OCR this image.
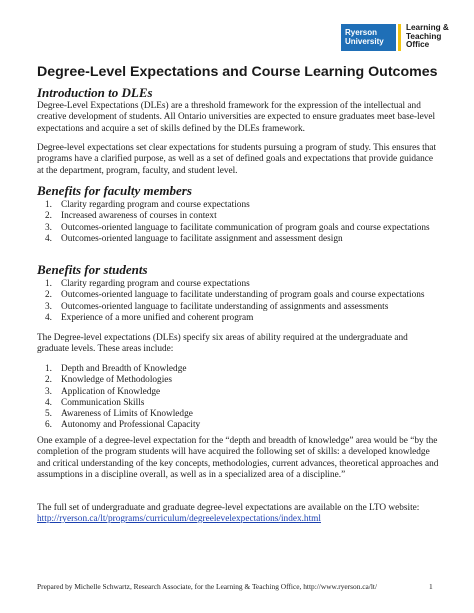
Ryerson
University
Learning &
Teaching
Office
Degree-Level Expectations and Course Learning Outcomes
Introduction to DLEs

Degree-Level Expectations (DLEs) are a threshold framework for the expression of the intellectual and creative development of students. All Ontario universities are expected to ensure graduates meet base-level expectations and acquire a set of skills defined by the DLEs framework.

Degree-level expectations set clear expectations for students pursuing a program of study. This ensures that programs have a clarified purpose, as well as a set of defined goals and expectations that provide guidance at the department, program, faculty, and student level.

Benefits for faculty members
1. Clarity regarding program and course expectations
2. Increased awareness of courses in context
3. Outcomes-oriented language to facilitate communication of program goals and course expectations
4. Outcomes-oriented language to facilitate assignment and assessment design
Benefits for students
1. Clarity regarding program and course expectations
2. Outcomes-oriented language to facilitate understanding of program goals and course expectations
3. Outcomes-oriented language to facilitate understanding of assignments and assessments
4. Experience of a more unified and coherent program

The Degree-level expectations (DLEs) specify six areas of ability required at the undergraduate and graduate levels. These areas include:

1. Depth and Breadth of Knowledge
2. Knowledge of Methodologies
3. Application of Knowledge
4. Communication Skills
5. Awareness of Limits of Knowledge
6. Autonomy and Professional Capacity

One example of a degree-level expectation for the “depth and breadth of knowledge” area would be “by the completion of the program students will have acquired the following set of skills: a developed knowledge and critical understanding of the key concepts, methodologies, current advances, theoretical approaches and assumptions in a discipline overall, as well as in a specialized area of a discipline.”

The full set of undergraduate and graduate degree-level expectations are available on the LTO website:

http://ryerson.ca/lt/programs/curriculum/degreelevelexpectations/index.html

Prepared by Michelle Schwartz, Research Associate, for the Learning & Teaching Office, http://www.ryerson.ca/lt/	1
